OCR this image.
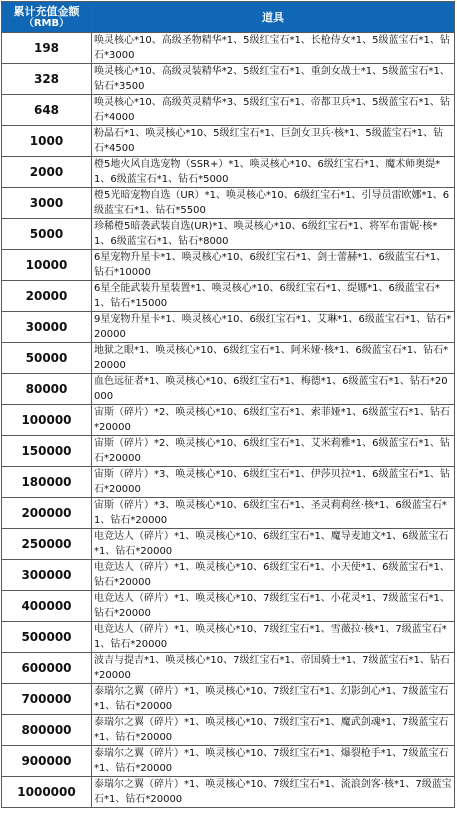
累计充值金额
（RMB）	道具
198	唤灵核心*10、高级圣物精华*1、5级红宝石*1、长枪侍女*1、5级蓝宝石*1、钻石*3000

328	唤灵核心*10、高级灵装精华*2、5级红宝石*1、重剑女战士*1、5级蓝宝石*1、钻石*3500

648	唤灵核心*10、高级英灵精华*3、5级红宝石*1、帝都卫兵*1、5级蓝宝石*1、钻石*4000

1000	粉晶石*1、唤灵核心*10、5级红宝石*1、巨剑女卫兵·核*1、5级蓝宝石*1、钻石*4500

2000	橙5地火风自选宠物（SSR+）*1、唤灵核心*10、6级红宝石*1、魔术师奥缇*1、6级蓝宝石*1、钻石*5000

3000	橙5光暗宠物自选（UR）*1、唤灵核心*10、6级红宝石*1、引导员雷欧娜*1、6级蓝宝石*1、钻石*5500

5000	珍稀橙5暗袭武装自选(UR)*1、唤灵核心*10、6级红宝石*1、将军布雷妮·核*1、6级蓝宝石*1、钻石*8000

10000	6星宠物升星卡*1、唤灵核心*10、6级红宝石*1、剑士蕾赫*1、6级蓝宝石*1、钻石*10000

20000	6星全能武装升星装置*1、唤灵核心*10、6级红宝石*1、缇娜*1、6级蓝宝石*1、钻石*15000

30000	9星宠物升星卡*1、唤灵核心*10、6级红宝石*1、艾琳*1、6级蓝宝石*1、钻石*20000

50000	地狱之眼*1、唤灵核心*10、6级红宝石*1、阿米娅·核*1、6级蓝宝石*1、钻石*20000

80000	血色远征者*1、唤灵核心*10、6级红宝石*1、梅德*1、6级蓝宝石*1、钻石*20000

100000	宙斯（碎片）*2、唤灵核心*10、6级红宝石*1、索菲娅*1、6级蓝宝石*1、钻石*20000

150000	宙斯（碎片）*2、唤灵核心*10、6级红宝石*1、艾米莉雅*1、6级蓝宝石*1、钻石*20000

180000	宙斯（碎片）*3、唤灵核心*10、6级红宝石*1、伊莎贝拉*1、6级蓝宝石*1、钻石*20000

200000	宙斯（碎片）*3、唤灵核心*10、6级红宝石*1、圣灵莉莉丝·核*1、6级蓝宝石*1、钻石*20000

250000	电竞达人（碎片）*1、唤灵核心*10、6级红宝石*1、魔导麦迪文*1、6级蓝宝石*1、钻石*20000

300000	电竞达人（碎片）*1、唤灵核心*10、6级红宝石*1、小天使*1、6级蓝宝石*1、钻石*20000

400000	电竞达人（碎片）*1、唤灵核心*10、7级红宝石*1、小花灵*1、7级蓝宝石*1、钻石*20000

500000	电竞达人（碎片）*1、唤灵核心*10、7级红宝石*1、雪薇拉·核*1、7级蓝宝石*1、钻石*20000

600000	波吉与提吉*1、唤灵核心*10、7级红宝石*1、帝国骑士*1、7级蓝宝石*1、钻石*20000

700000	泰瑞尔之翼（碎片）*1、唤灵核心*10、7级红宝石*1、幻影剑心*1、7级蓝宝石*1、钻石*20000

800000	泰瑞尔之翼（碎片）*1、唤灵核心*10、7级红宝石*1、魔武剑魂*1、7级蓝宝石*1、钻石*20000

900000	泰瑞尔之翼（碎片）*1、唤灵核心*10、7级红宝石*1、爆裂枪手*1、7级蓝宝石*1、钻石*20000

1000000	泰瑞尔之翼（碎片）*1、唤灵核心*10、7级红宝石*1、流浪剑客·核*1、7级蓝宝石*1、钻石*20000
